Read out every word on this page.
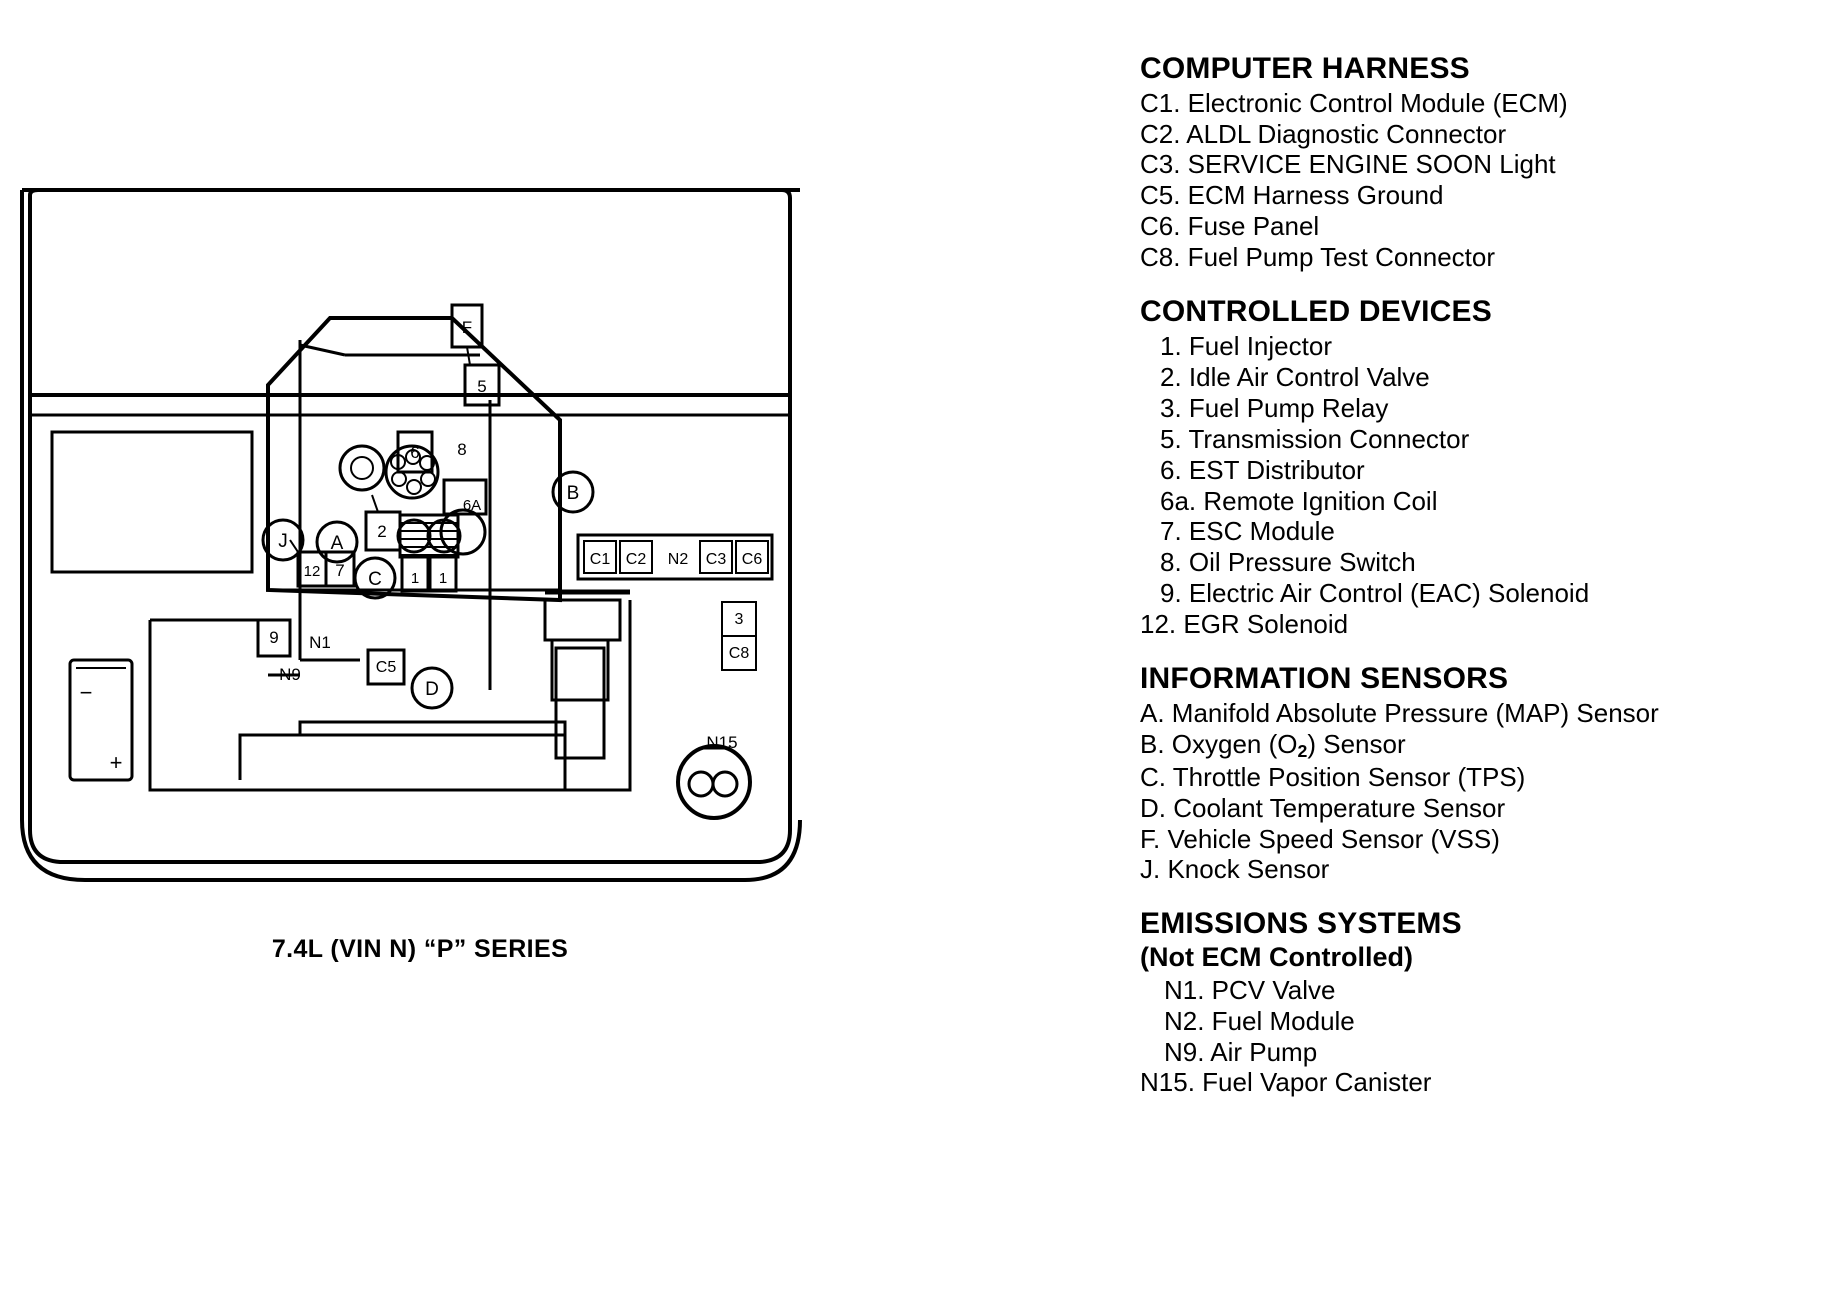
F
5
6 8
2
12 7
9
1 1
C5
C1 C2 N2 C3 C6
3
C8
N1
N9
N15
J A
C
B
D
−
+
6A
7.4L (VIN N) “P” SERIES
COMPUTER HARNESS
C1. Electronic Control Module (ECM)
C2. ALDL Diagnostic Connector
C3. SERVICE ENGINE SOON Light
C5. ECM Harness Ground
C6. Fuse Panel
C8. Fuel Pump Test Connector
CONTROLLED DEVICES
1. Fuel Injector
2. Idle Air Control Valve
3. Fuel Pump Relay
5. Transmission Connector
6. EST Distributor
6a. Remote Ignition Coil
7. ESC Module
8. Oil Pressure Switch
9. Electric Air Control (EAC) Solenoid
12. EGR Solenoid
INFORMATION SENSORS
A. Manifold Absolute Pressure (MAP) Sensor
B. Oxygen $(O_2)$ Sensor
C. Throttle Position Sensor (TPS)
D. Coolant Temperature Sensor
F. Vehicle Speed Sensor (VSS)
J. Knock Sensor
EMISSIONS SYSTEMS
(Not ECM Controlled)
N1. PCV Valve
N2. Fuel Module
N9. Air Pump
N15. Fuel Vapor Canister
